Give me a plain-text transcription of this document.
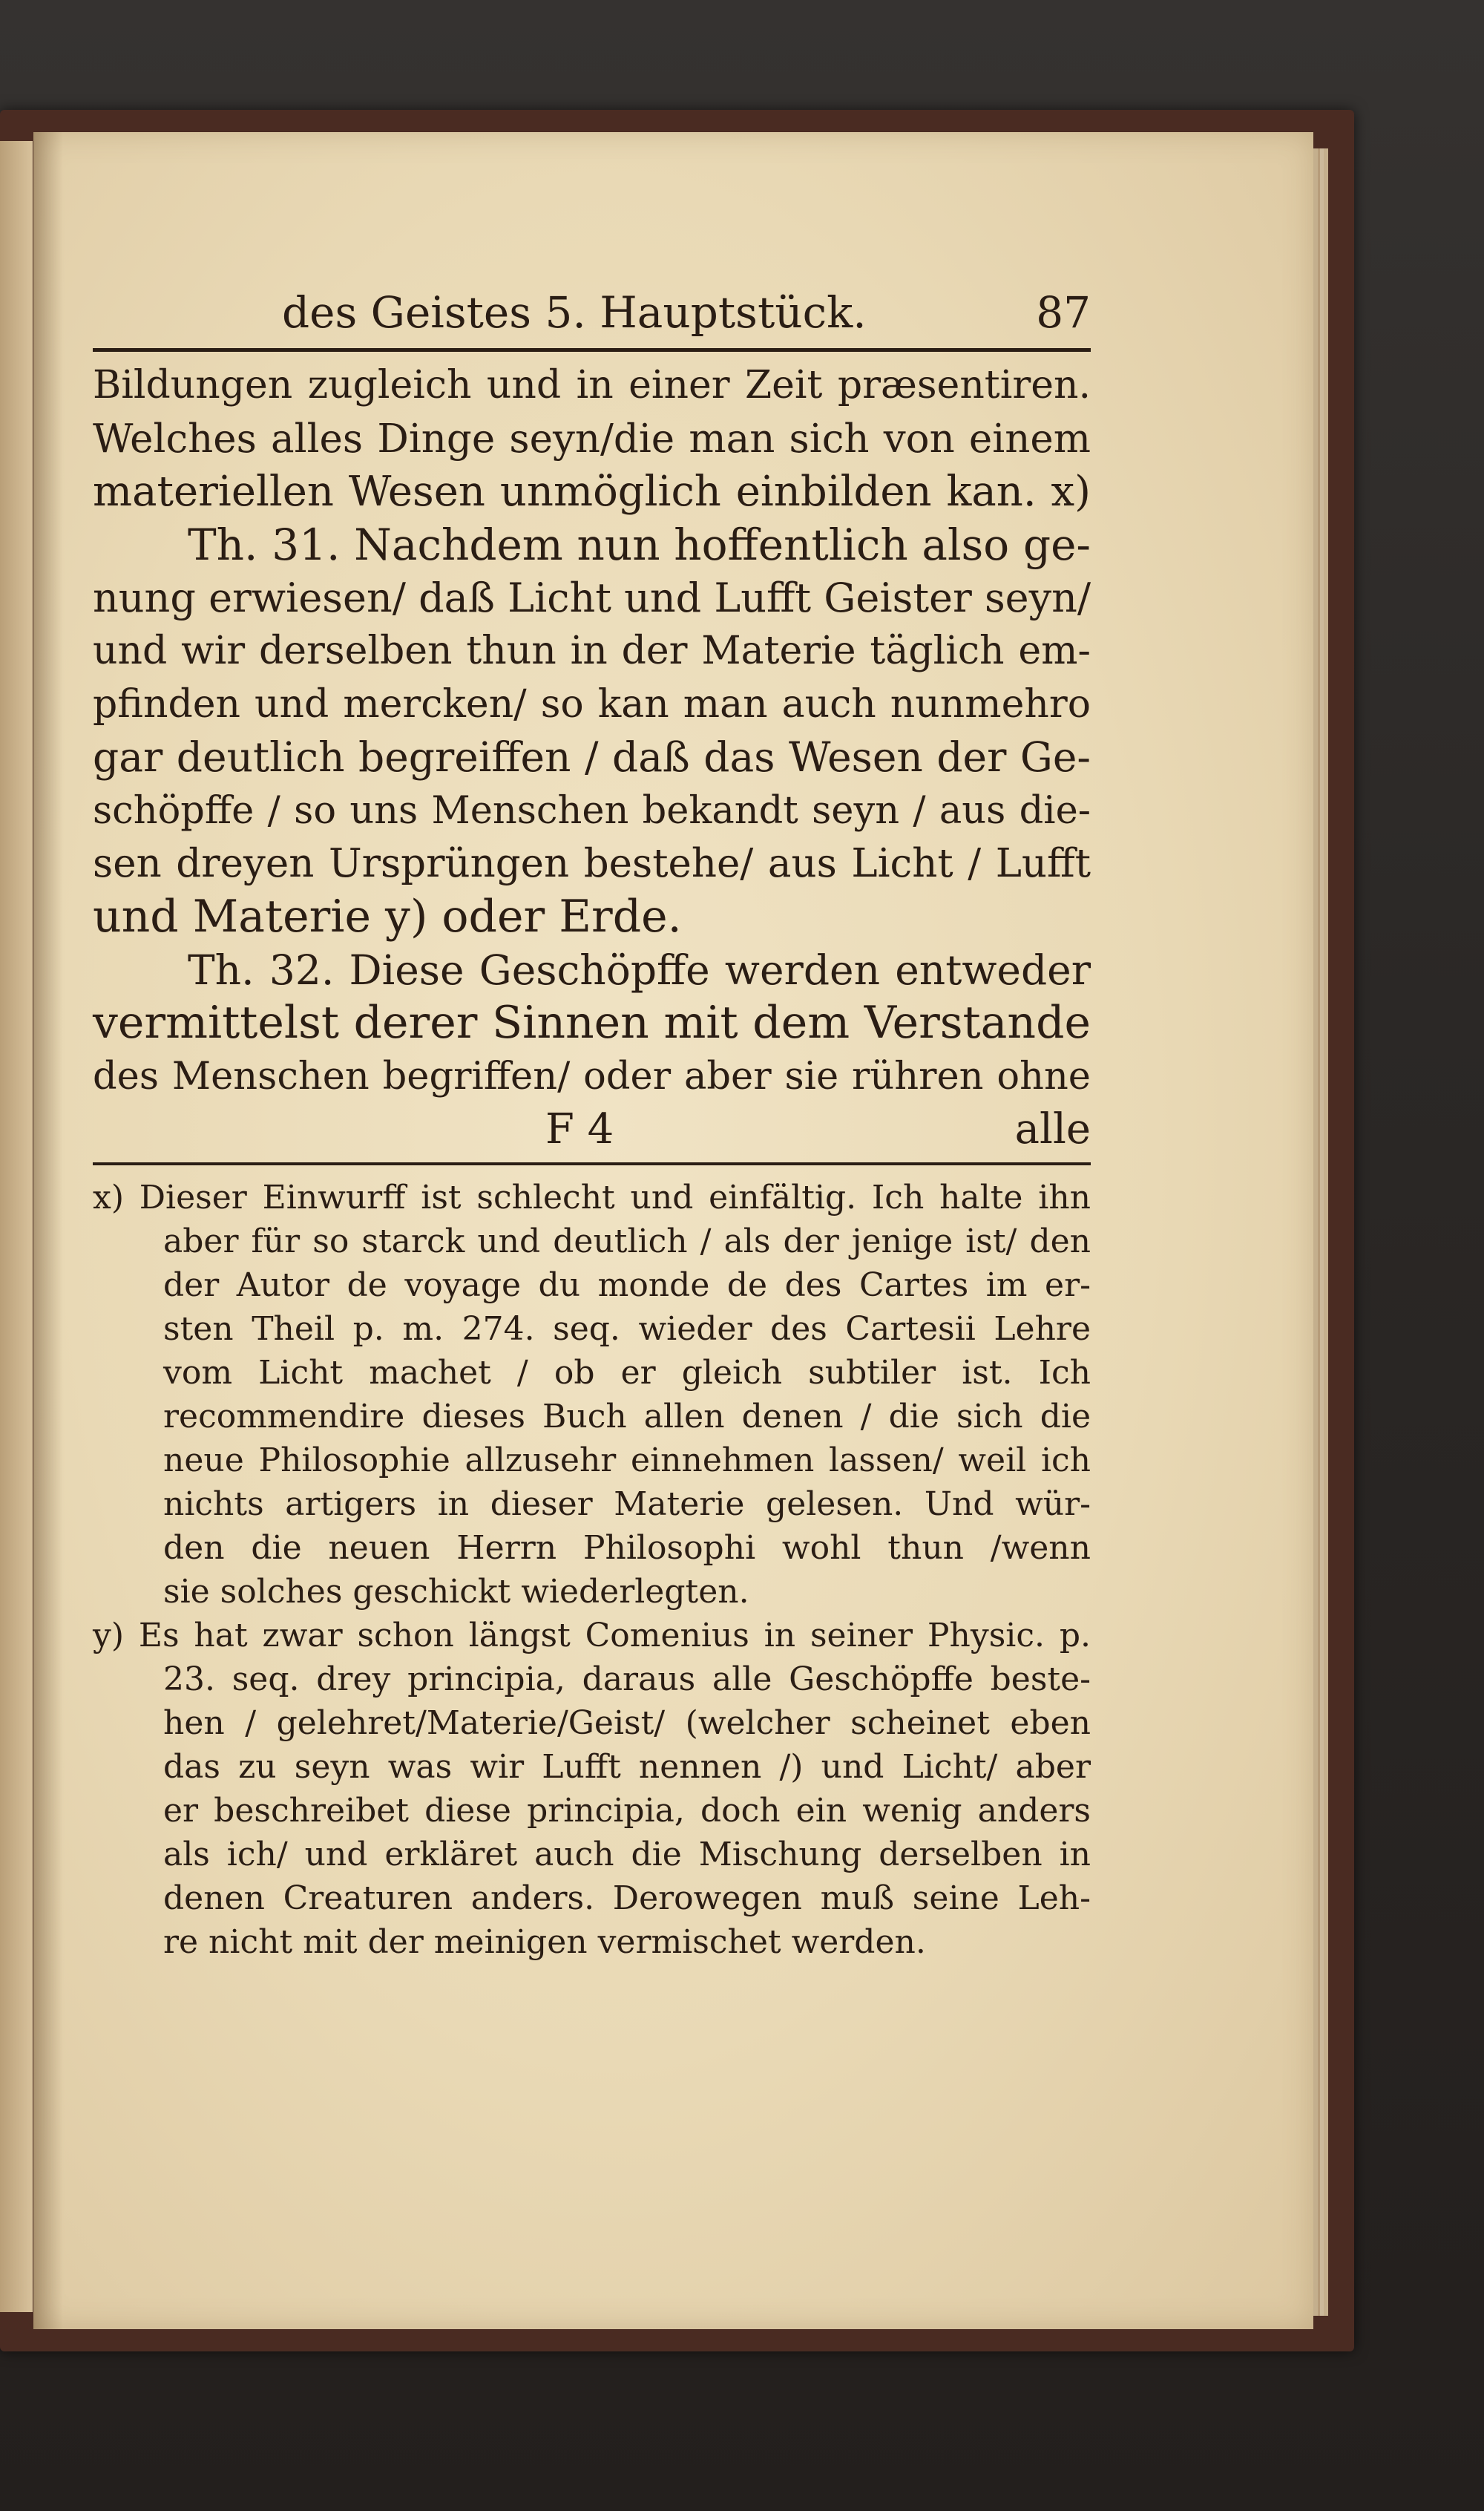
des Geistes 5. Hauptstück.	87
Bildungen zugleich und in einer Zeit præsentiren.
Welches alles Dinge seyn/die man sich von einem
materiellen Wesen unmöglich einbilden kan. x)
Th. 31. Nachdem nun hoffentlich also ge-
nung erwiesen/ daß Licht und Lufft Geister seyn/
und wir derselben thun in der Materie täglich em-
pfinden und mercken/ so kan man auch nunmehro
gar deutlich begreiffen / daß das Wesen der Ge-
schöpffe / so uns Menschen bekandt seyn / aus die-
sen dreyen Ursprüngen bestehe/ aus Licht / Lufft
und Materie y) oder Erde.
Th. 32. Diese Geschöpffe werden entweder
vermittelst derer Sinnen mit dem Verstande
des Menschen begriffen/ oder aber sie rühren ohne
F 4	alle
x) Dieser Einwurff ist schlecht und einfältig. Ich halte ihn
aber für so starck und deutlich / als der jenige ist/ den
der Autor de voyage du monde de des Cartes im er-
sten Theil p. m. 274. seq. wieder des Cartesii Lehre
vom Licht machet / ob er gleich subtiler ist. Ich
recommendire dieses Buch allen denen / die sich die
neue Philosophie allzusehr einnehmen lassen/ weil ich
nichts artigers in dieser Materie gelesen. Und wür-
den die neuen Herrn Philosophi wohl thun /wenn
sie solches geschickt wiederlegten.
y) Es hat zwar schon längst Comenius in seiner Physic. p.
23. seq. drey principia, daraus alle Geschöpffe beste-
hen / gelehret/Materie/Geist/ (welcher scheinet eben
das zu seyn was wir Lufft nennen /) und Licht/ aber
er beschreibet diese principia, doch ein wenig anders
als ich/ und erkläret auch die Mischung derselben in
denen Creaturen anders. Derowegen muß seine Leh-
re nicht mit der meinigen vermischet werden.
